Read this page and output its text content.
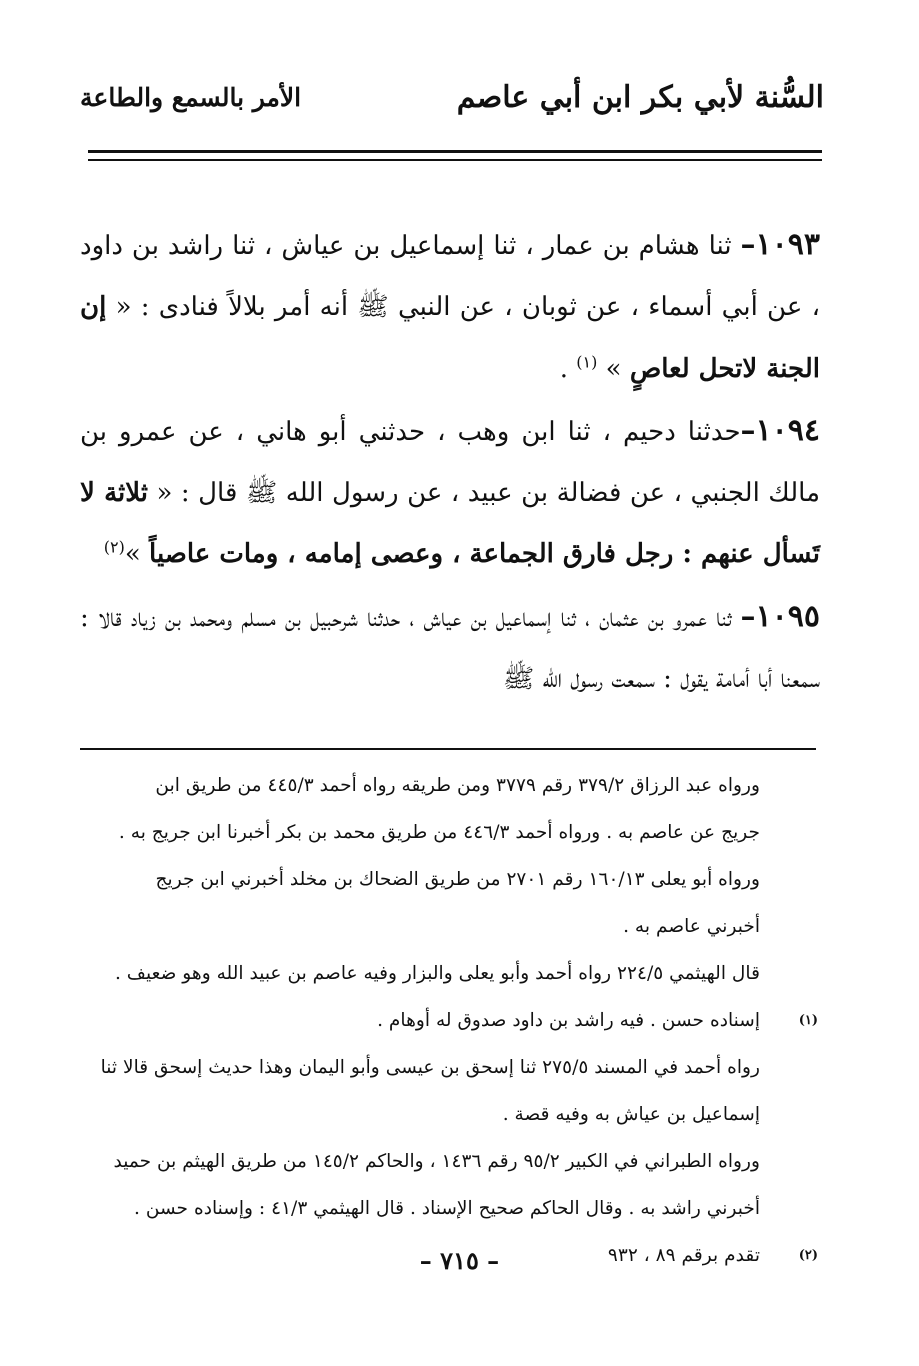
السُّنة لأبي بكر ابن أبي عاصم
الأمر بالسمع والطاعة

١٠٩٣– ثنا هشام بن عمار ، ثنا إسماعيل بن عياش ، ثنا راشد بن داود ، عن أبي أسماء ، عن ثوبان ، عن النبي ﷺ أنه أمر بلالاً فنادى : « إن الجنة لاتحل لعاصٍ » $^{(١)}$ .

١٠٩٤–حدثنا دحيم ، ثنا ابن وهب ، حدثني أبو هاني ، عن عمرو بن مالك الجنبي ، عن فضالة بن عبيد ، عن رسول الله ﷺ قال : « ثلاثة لا تَسأل عنهم : رجل فارق الجماعة ، وعصى إمامه ، ومات عاصياً »$^{(٢)}$

١٠٩٥– ثنا عمرو بن عثمان ، ثنا إسماعيل بن عياش ، حدثنا شرحبيل بن مسلم ومحمد بن زياد قالا : سمعنا أبا أمامة يقول : سمعت رسول الله ﷺ

ورواه عبد الرزاق ٣٧٩/٢ رقم ٣٧٧٩ ومن طريقه رواه أحمد ٤٤٥/٣ من طريق ابن
جريج عن عاصم به . ورواه أحمد ٤٤٦/٣ من طريق محمد بن بكر أخبرنا ابن جريج به .
ورواه أبو يعلى ١٦٠/١٣ رقم ٢٧٠١ من طريق الضحاك بن مخلد أخبرني ابن جريج
أخبرني عاصم به .
قال الهيثمي ٢٢٤/٥ رواه أحمد وأبو يعلى والبزار وفيه عاصم بن عبيد الله وهو ضعيف .
(١)
إسناده حسن . فيه راشد بن داود صدوق له أوهام .
رواه أحمد في المسند ٢٧٥/٥ ثنا إسحق بن عيسى وأبو اليمان وهذا حديث إسحق قالا ثنا
إسماعيل بن عياش به وفيه قصة .
ورواه الطبراني في الكبير ٩٥/٢ رقم ١٤٣٦ ، والحاكم ١٤٥/٢ من طريق الهيثم بن حميد
أخبرني راشد به . وقال الحاكم صحيح الإسناد . قال الهيثمي ٤١/٣ : وإسناده حسن .
(٢)
تقدم برقم ٨٩ ، ٩٣٢
– ٧١٥ –
